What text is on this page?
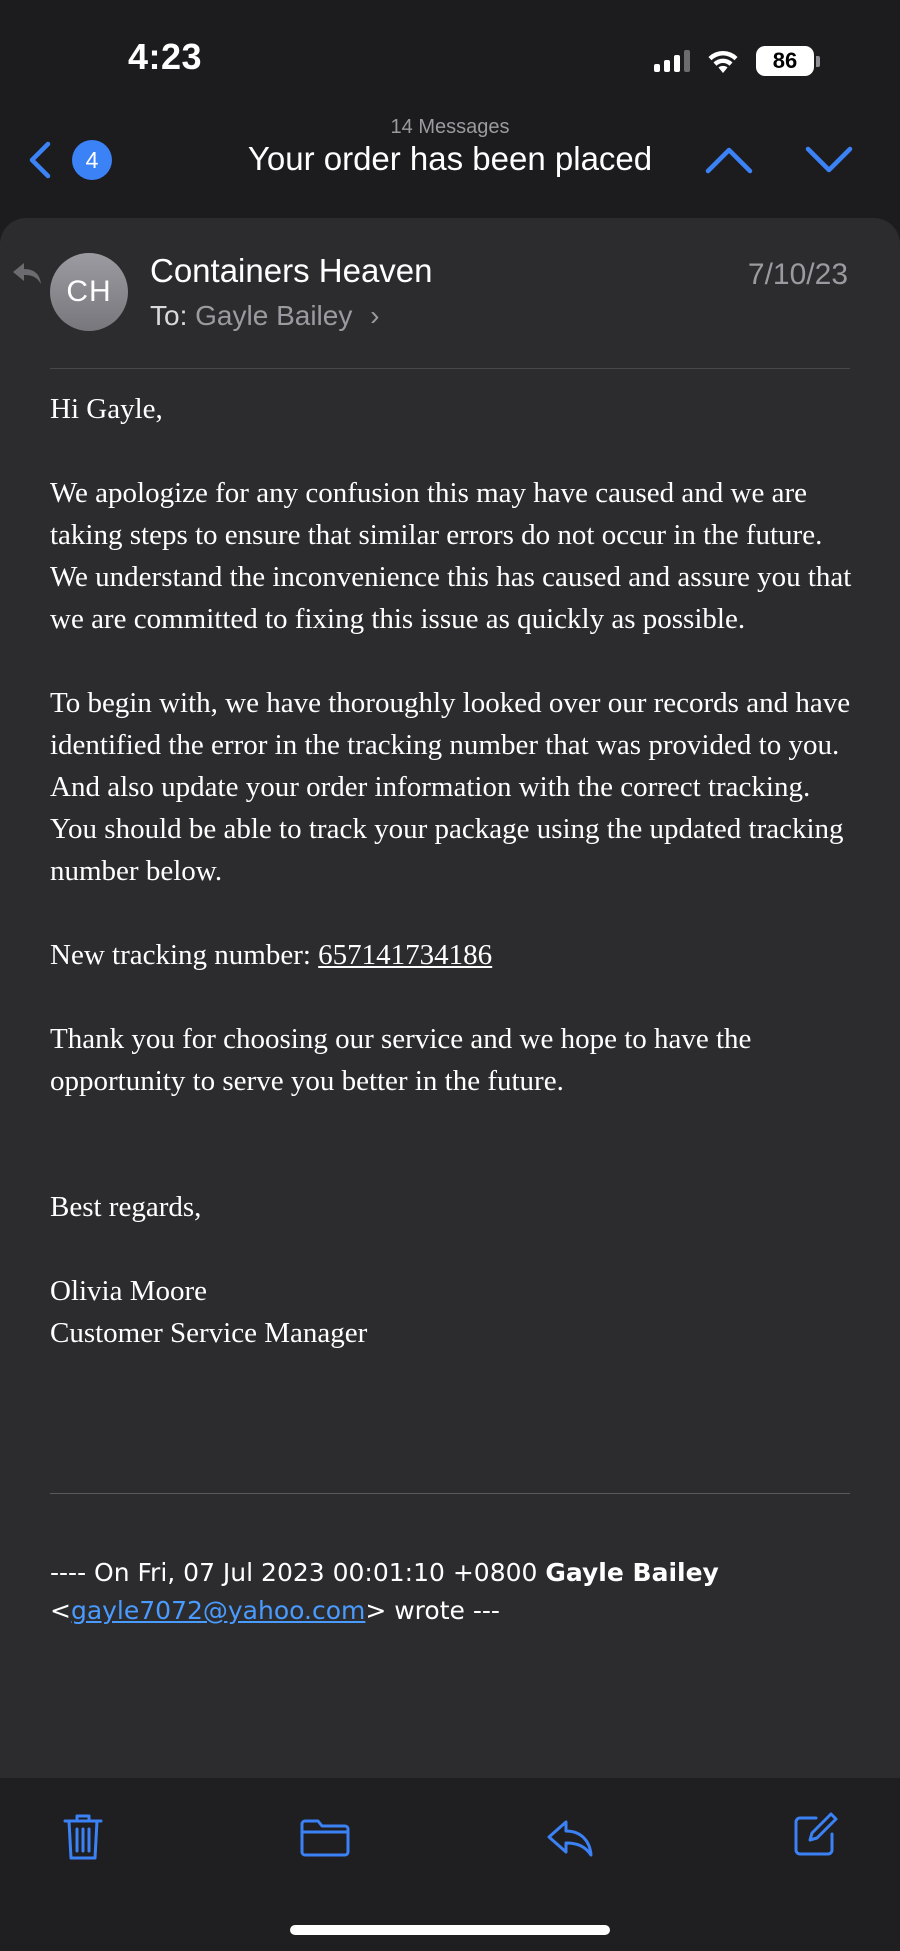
4:23	86
4
14 Messages
Your order has been placed
CH
Containers Heaven
To: Gayle Bailey ›
7/10/23

Hi Gayle,

We apologize for any confusion this may have caused and we are taking steps to ensure that similar errors do not occur in the future. We understand the inconvenience this has caused and assure you that we are committed to fixing this issue as quickly as possible.

To begin with, we have thoroughly looked over our records and have identified the error in the tracking number that was provided to you. And also update your order information with the correct tracking. You should be able to track your package using the updated tracking number below.

New tracking number: 657141734186

Thank you for choosing our service and we hope to have the opportunity to serve you better in the future.

Best regards,

Olivia Moore
Customer Service Manager
---- On Fri, 07 Jul 2023 00:01:10 +0800 Gayle Bailey
<gayle7072@yahoo.com> wrote ---
